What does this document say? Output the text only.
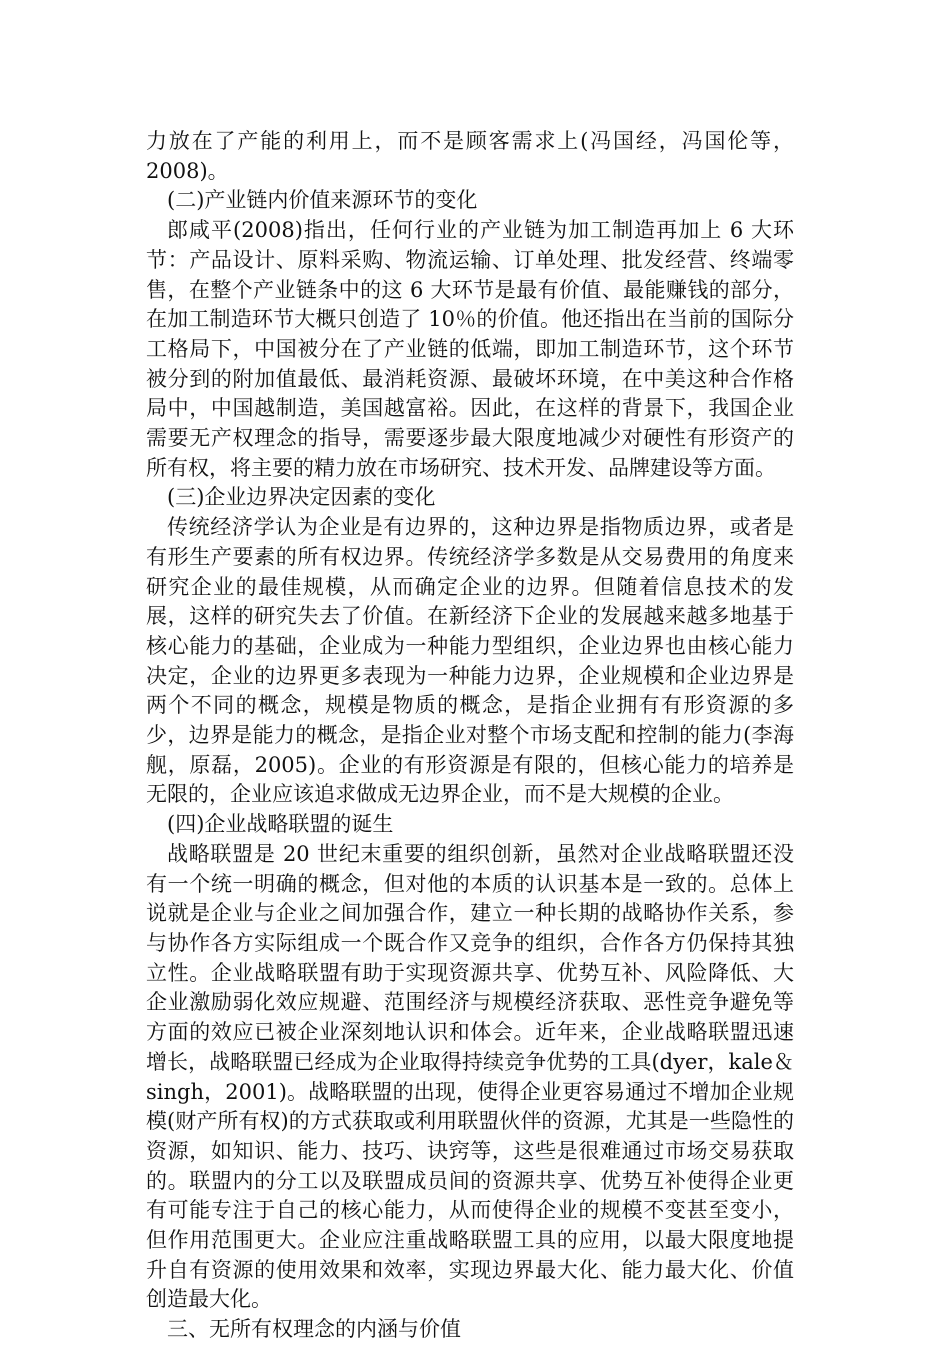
力放在了产能的利用上，而不是顾客需求上(冯国经，冯国伦等，2008)。

(二)产业链内价值来源环节的变化

郎咸平(2008)指出，任何行业的产业链为加工制造再加上 6 大环节：产品设计、原料采购、物流运输、订单处理、批发经营、终端零售，在整个产业链条中的这 6 大环节是最有价值、最能赚钱的部分，在加工制造环节大概只创造了 10％的价值。他还指出在当前的国际分工格局下，中国被分在了产业链的低端，即加工制造环节，这个环节被分到的附加值最低、最消耗资源、最破坏环境，在中美这种合作格局中，中国越制造，美国越富裕。因此，在这样的背景下，我国企业需要无产权理念的指导，需要逐步最大限度地减少对硬性有形资产的所有权，将主要的精力放在市场研究、技术开发、品牌建设等方面。

(三)企业边界决定因素的变化

传统经济学认为企业是有边界的，这种边界是指物质边界，或者是有形生产要素的所有权边界。传统经济学多数是从交易费用的角度来研究企业的最佳规模，从而确定企业的边界。但随着信息技术的发展，这样的研究失去了价值。在新经济下企业的发展越来越多地基于核心能力的基础，企业成为一种能力型组织，企业边界也由核心能力决定，企业的边界更多表现为一种能力边界，企业规模和企业边界是两个不同的概念，规模是物质的概念，是指企业拥有有形资源的多少，边界是能力的概念，是指企业对整个市场支配和控制的能力(李海舰，原磊，2005)。企业的有形资源是有限的，但核心能力的培养是无限的，企业应该追求做成无边界企业，而不是大规模的企业。

(四)企业战略联盟的诞生

战略联盟是 20 世纪末重要的组织创新，虽然对企业战略联盟还没有一个统一明确的概念，但对他的本质的认识基本是一致的。总体上说就是企业与企业之间加强合作，建立一种长期的战略协作关系，参与协作各方实际组成一个既合作又竞争的组织，合作各方仍保持其独立性。企业战略联盟有助于实现资源共享、优势互补、风险降低、大企业激励弱化效应规避、范围经济与规模经济获取、恶性竞争避免等方面的效应已被企业深刻地认识和体会。近年来，企业战略联盟迅速增长，战略联盟已经成为企业取得持续竞争优势的工具(dyer，kale＆singh，2001)。战略联盟的出现，使得企业更容易通过不增加企业规模(财产所有权)的方式获取或利用联盟伙伴的资源，尤其是一些隐性的资源，如知识、能力、技巧、诀窍等，这些是很难通过市场交易获取的。联盟内的分工以及联盟成员间的资源共享、优势互补使得企业更有可能专注于自己的核心能力，从而使得企业的规模不变甚至变小，但作用范围更大。企业应注重战略联盟工具的应用，以最大限度地提升自有资源的使用效果和效率，实现边界最大化、能力最大化、价值创造最大化。

三、无所有权理念的内涵与价值
